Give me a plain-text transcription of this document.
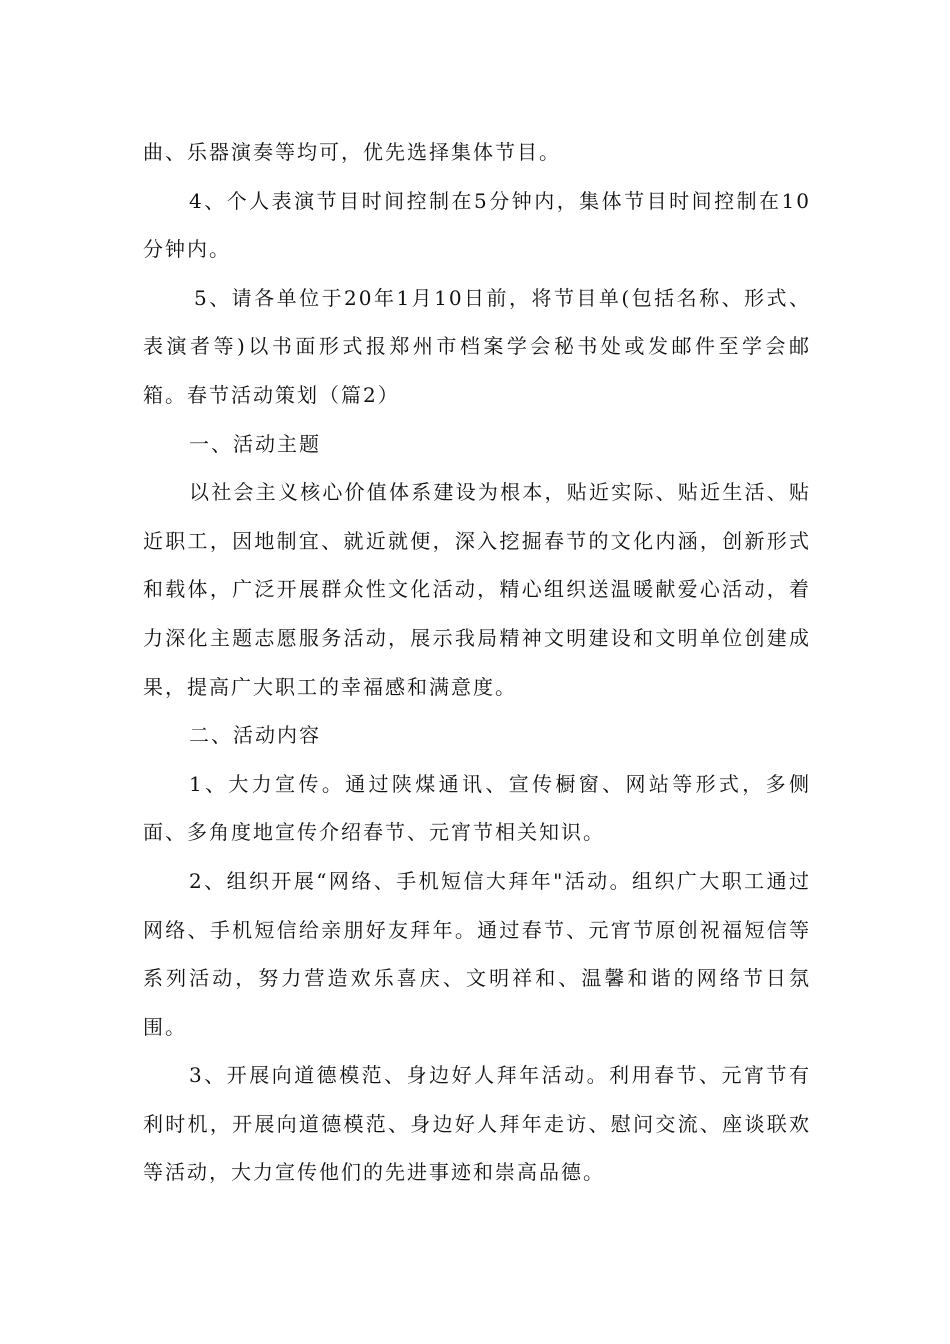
曲、乐器演奏等均可，优先选择集体节目。

4、个人表演节目时间控制在5分钟内，集体节目时间控制在10分钟内。

5、请各单位于20年1月10日前，将节目单(包括名称、形式、表演者等)以书面形式报郑州市档案学会秘书处或发邮件至学会邮箱。春节活动策划（篇2）

一、活动主题

以社会主义核心价值体系建设为根本，贴近实际、贴近生活、贴近职工，因地制宜、就近就便，深入挖掘春节的文化内涵，创新形式和载体，广泛开展群众性文化活动，精心组织送温暖献爱心活动，着力深化主题志愿服务活动，展示我局精神文明建设和文明单位创建成果，提高广大职工的幸福感和满意度。

二、活动内容

1、大力宣传。通过陕煤通讯、宣传橱窗、网站等形式，多侧面、多角度地宣传介绍春节、元宵节相关知识。

2、组织开展“网络、手机短信大拜年"活动。组织广大职工通过网络、手机短信给亲朋好友拜年。通过春节、元宵节原创祝福短信等系列活动，努力营造欢乐喜庆、文明祥和、温馨和谐的网络节日氛围。

3、开展向道德模范、身边好人拜年活动。利用春节、元宵节有利时机，开展向道德模范、身边好人拜年走访、慰问交流、座谈联欢等活动，大力宣传他们的先进事迹和崇高品德。
